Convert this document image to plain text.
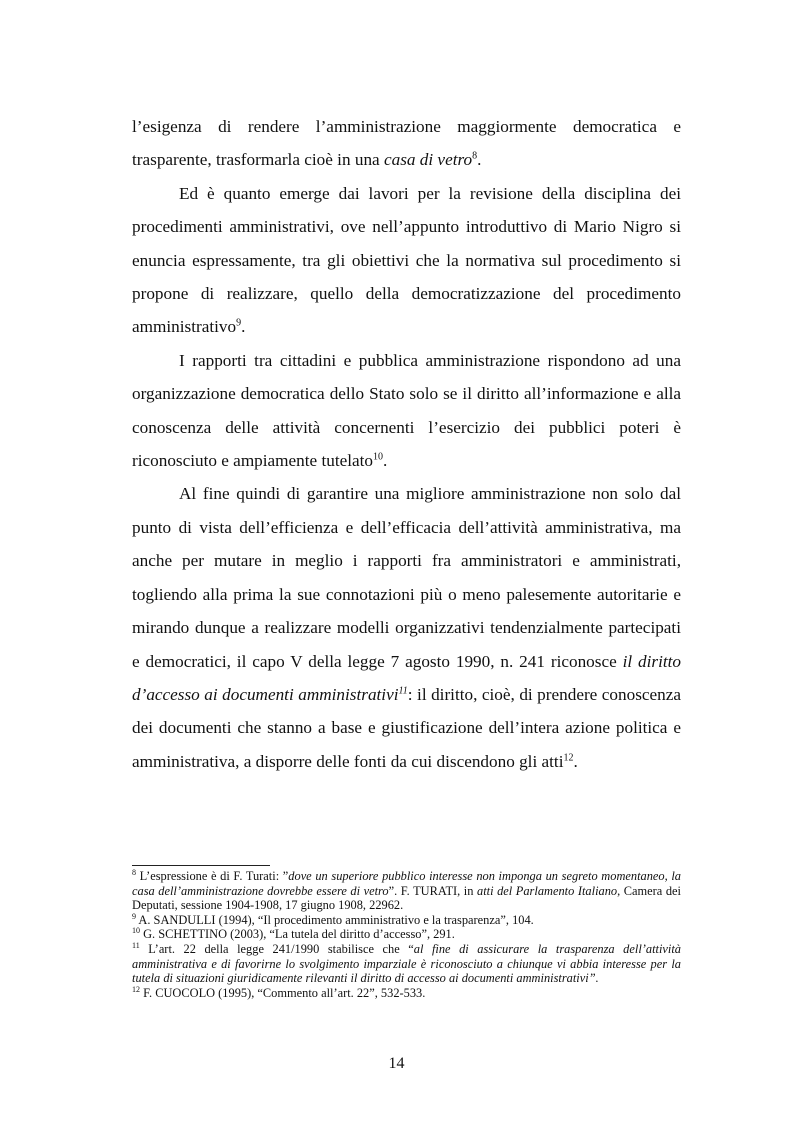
l’esigenza di rendere l’amministrazione maggiormente democratica e trasparente, trasformarla cioè in una casa di vetro$^8$.

Ed è quanto emerge dai lavori per la revisione della disciplina dei procedimenti amministrativi, ove nell’appunto introduttivo di Mario Nigro si enuncia espressamente, tra gli obiettivi che la normativa sul procedimento si propone di realizzare, quello della democratizzazione del procedimento amministrativo$^9$.

I rapporti tra cittadini e pubblica amministrazione rispondono ad una organizzazione democratica dello Stato solo se il diritto all’informazione e alla conoscenza delle attività concernenti l’esercizio dei pubblici poteri è riconosciuto e ampiamente tutelato$^{10}$.

Al fine quindi di garantire una migliore amministrazione non solo dal punto di vista dell’efficienza e dell’efficacia dell’attività amministrativa, ma anche per mutare in meglio i rapporti fra amministratori e amministrati, togliendo alla prima la sue connotazioni più o meno palesemente autoritarie e mirando dunque a realizzare modelli organizzativi tendenzialmente partecipati e democratici, il capo V della legge 7 agosto 1990, n. 241 riconosce il diritto d’accesso ai documenti amministrativi$^{11}$: il diritto, cioè, di prendere conoscenza dei documenti che stanno a base e giustificazione dell’intera azione politica e amministrativa, a disporre delle fonti da cui discendono gli atti$^{12}$.

$^8$ L’espressione è di F. Turati: ”dove un superiore pubblico interesse non imponga un segreto momentaneo, la casa dell’amministrazione dovrebbe essere di vetro”. F. TURATI, in atti del Parlamento Italiano, Camera dei Deputati, sessione 1904-1908, 17 giugno 1908, 22962.

$^9$ A. SANDULLI (1994), “Il procedimento amministrativo e la trasparenza”, 104.

$^{10}$ G. SCHETTINO (2003), “La tutela del diritto d’accesso”, 291.

$^{11}$ L’art. 22 della legge 241/1990 stabilisce che “al fine di assicurare la trasparenza dell’attività amministrativa e di favorirne lo svolgimento imparziale è riconosciuto a chiunque vi abbia interesse per la tutela di situazioni giuridicamente rilevanti il diritto di accesso ai documenti amministrativi”.

$^{12}$ F. CUOCOLO (1995), “Commento all’art. 22”, 532-533.

14
